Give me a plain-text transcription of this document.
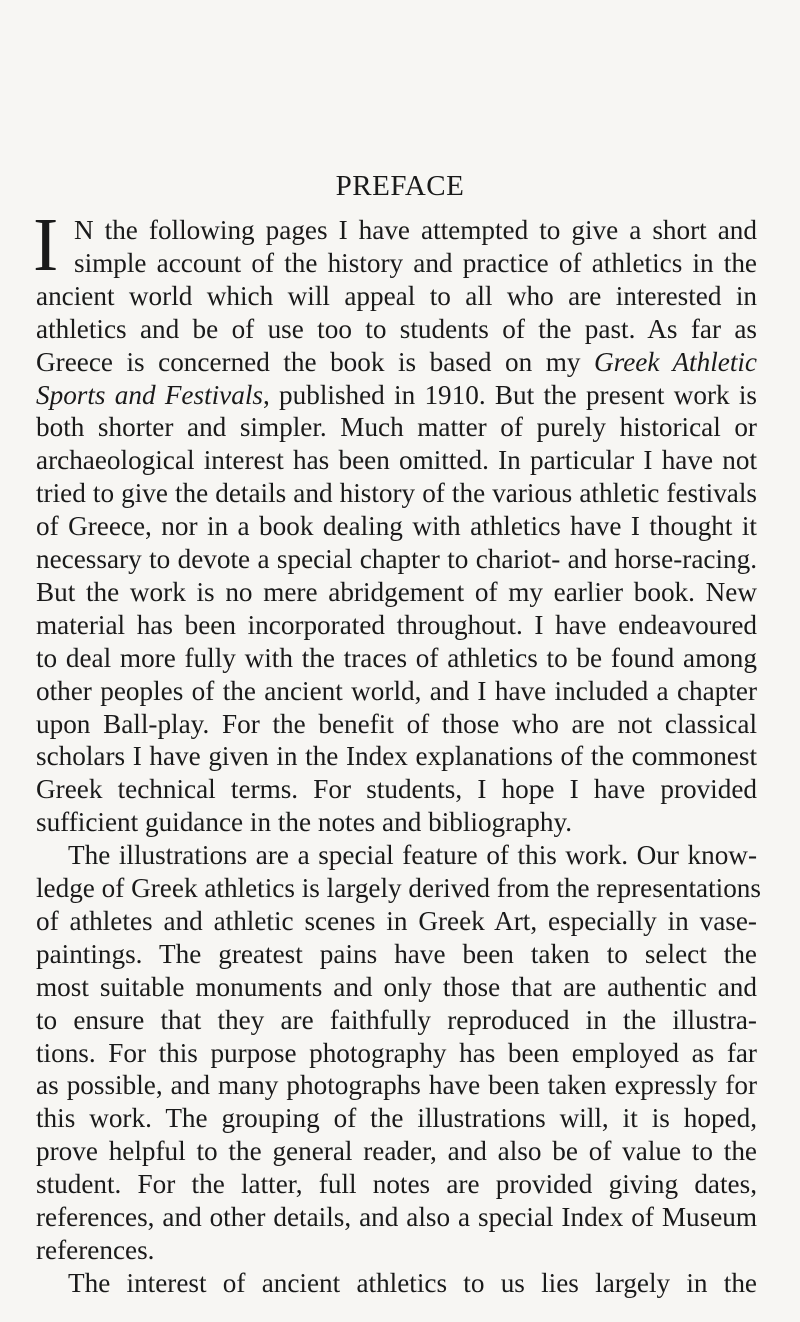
PREFACE
I N the following pages I have attempted to give a short and
simple account of the history and practice of athletics in the
ancient world which will appeal to all who are interested in
athletics and be of use too to students of the past. As far as
Greece is concerned the book is based on my Greek Athletic
Sports and Festivals, published in 1910. But the present work is
both shorter and simpler. Much matter of purely historical or
archaeological interest has been omitted. In particular I have not
tried to give the details and history of the various athletic festivals
of Greece, nor in a book dealing with athletics have I thought it
necessary to devote a special chapter to chariot- and horse-racing.
But the work is no mere abridgement of my earlier book. New
material has been incorporated throughout. I have endeavoured
to deal more fully with the traces of athletics to be found among
other peoples of the ancient world, and I have included a chapter
upon Ball-play. For the benefit of those who are not classical
scholars I have given in the Index explanations of the commonest
Greek technical terms. For students, I hope I have provided
sufficient guidance in the notes and bibliography.
The illustrations are a special feature of this work. Our know-
ledge of Greek athletics is largely derived from the representations
of athletes and athletic scenes in Greek Art, especially in vase-
paintings. The greatest pains have been taken to select the
most suitable monuments and only those that are authentic and
to ensure that they are faithfully reproduced in the illustra-
tions. For this purpose photography has been employed as far
as possible, and many photographs have been taken expressly for
this work. The grouping of the illustrations will, it is hoped,
prove helpful to the general reader, and also be of value to the
student. For the latter, full notes are provided giving dates,
references, and other details, and also a special Index of Museum
references.
The interest of ancient athletics to us lies largely in the
